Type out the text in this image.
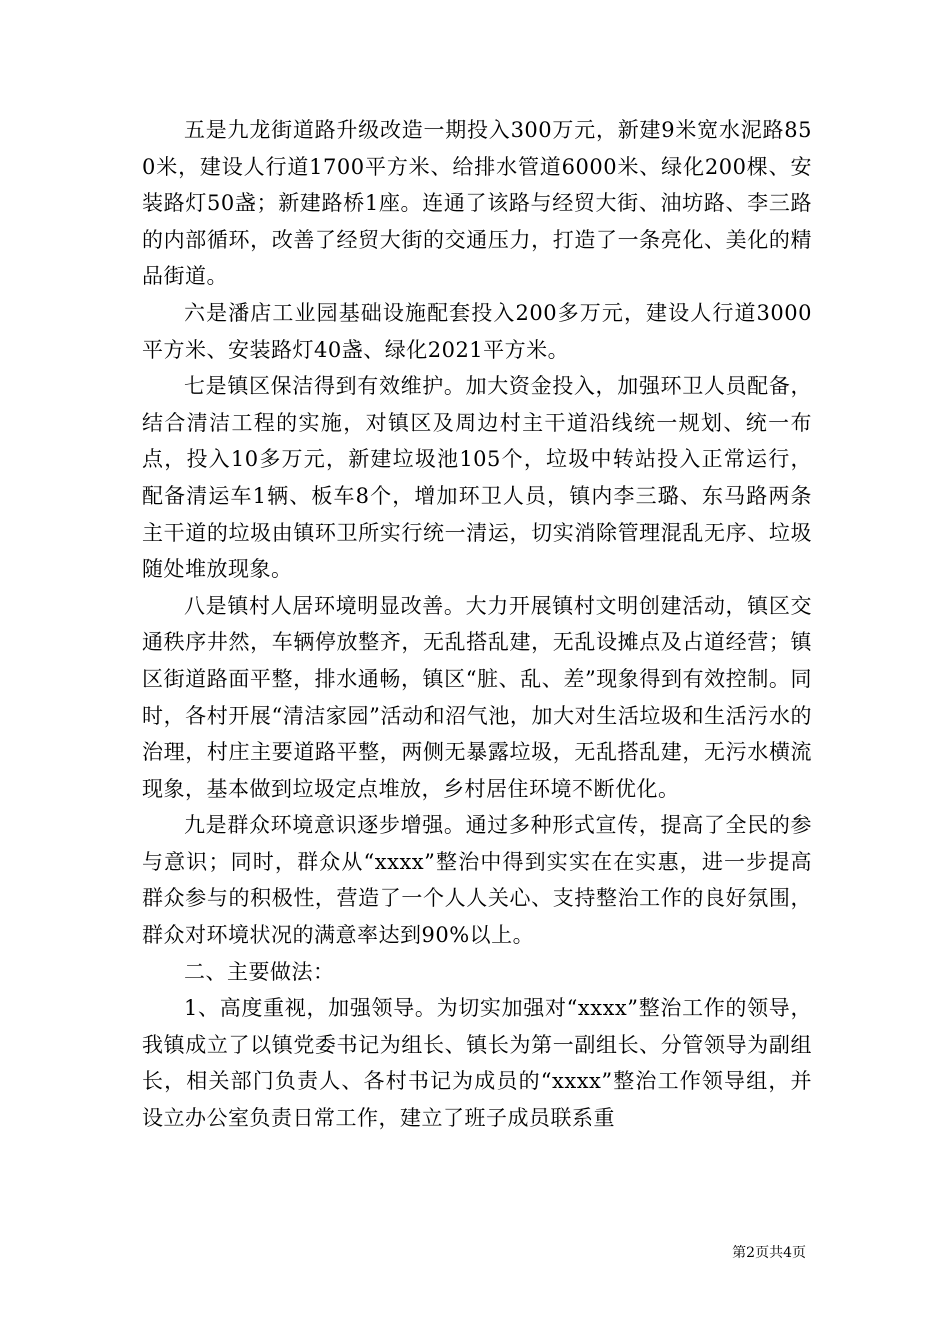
五是九龙街道路升级改造一期投入300万元，新建9米宽水泥路850米，建设人行道1700平方米、给排水管道6000米、绿化200棵、安装路灯50盏；新建路桥1座。连通了该路与经贸大街、油坊路、李三路的内部循环，改善了经贸大街的交通压力，打造了一条亮化、美化的精品街道。

六是潘店工业园基础设施配套投入200多万元，建设人行道3000平方米、安装路灯40盏、绿化2021平方米。

七是镇区保洁得到有效维护。加大资金投入，加强环卫人员配备，结合清洁工程的实施，对镇区及周边村主干道沿线统一规划、统一布点，投入10多万元，新建垃圾池105个，垃圾中转站投入正常运行，配备清运车1辆、板车8个，增加环卫人员，镇内李三璐、东马路两条主干道的垃圾由镇环卫所实行统一清运，切实消除管理混乱无序、垃圾随处堆放现象。

八是镇村人居环境明显改善。大力开展镇村文明创建活动，镇区交通秩序井然，车辆停放整齐，无乱搭乱建，无乱设摊点及占道经营；镇区街道路面平整，排水通畅，镇区“脏、乱、差”现象得到有效控制。同时，各村开展“清洁家园”活动和沼气池，加大对生活垃圾和生活污水的治理，村庄主要道路平整，两侧无暴露垃圾，无乱搭乱建，无污水横流现象，基本做到垃圾定点堆放，乡村居住环境不断优化。

九是群众环境意识逐步增强。通过多种形式宣传，提高了全民的参与意识；同时，群众从“xxxx”整治中得到实实在在实惠，进一步提高群众参与的积极性，营造了一个人人关心、支持整治工作的良好氛围，群众对环境状况的满意率达到90%以上。

二、主要做法：

1、高度重视，加强领导。为切实加强对“xxxx”整治工作的领导，我镇成立了以镇党委书记为组长、镇长为第一副组长、分管领导为副组长，相关部门负责人、各村书记为成员的“xxxx”整治工作领导组，并设立办公室负责日常工作，建立了班子成员联系重

第2页共4页
